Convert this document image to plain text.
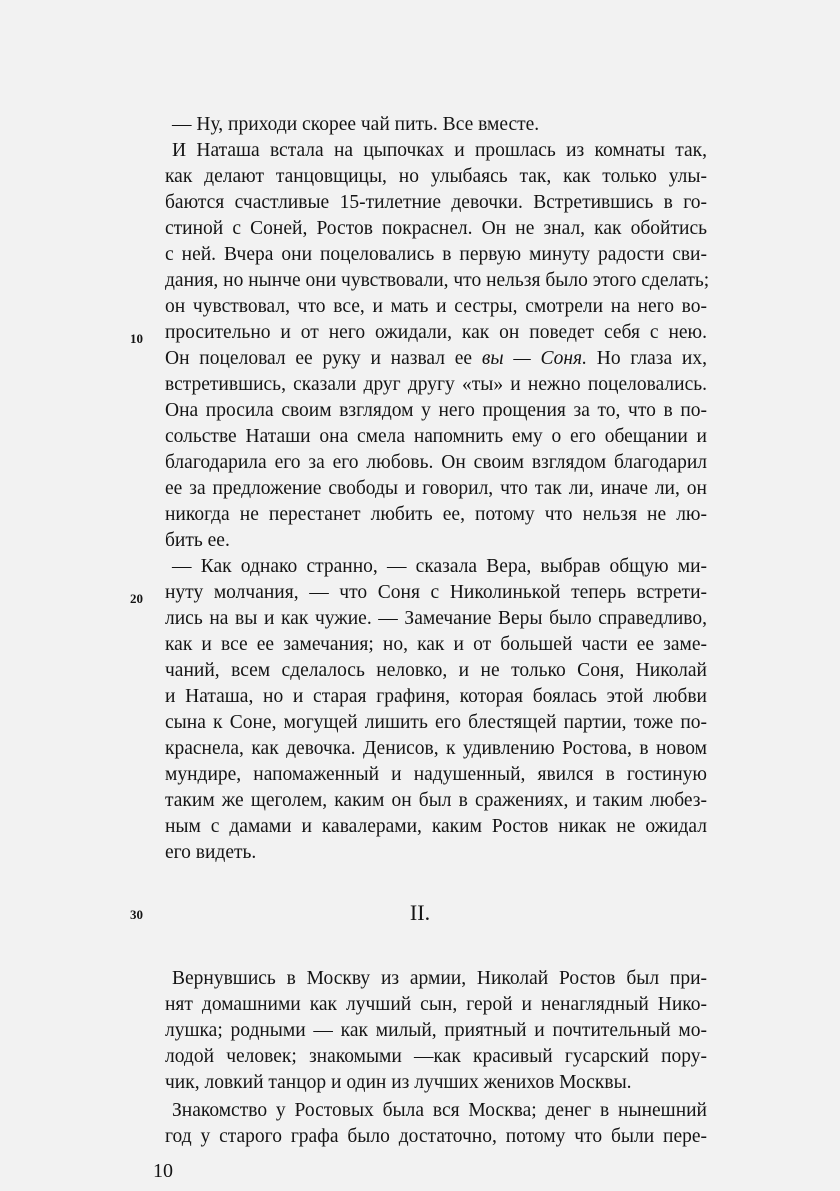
— Ну, приходи скорее чай пить. Все вместе.
И Наташа встала на цыпочках и прошлась из комнаты так,
как делают танцовщицы, но улыбаясь так, как только улы-
баются счастливые 15-тилетние девочки. Встретившись в го-
стиной с Соней, Ростов покраснел. Он не знал, как обойтись
с ней. Вчера они поцеловались в первую минуту радости сви-
дания, но нынче они чувствовали, что нельзя было этого сделать;
он чувствовал, что все, и мать и сестры, смотрели на него во-
просительно и от него ожидали, как он поведет себя с нею.
10
Он поцеловал ее руку и назвал ее вы — Соня. Но глаза их,
встретившись, сказали друг другу «ты» и нежно поцеловались.
Она просила своим взглядом у него прощения за то, что в по-
сольстве Наташи она смела напомнить ему о его обещании и
благодарила его за его любовь. Он своим взглядом благодарил
ее за предложение свободы и говорил, что так ли, иначе ли, он
никогда не перестанет любить ее, потому что нельзя не лю-
бить ее.
— Как однако странно, — сказала Вера, выбрав общую ми-
нуту молчания, — что Соня с Николинькой теперь встрети-
20
лись на вы и как чужие. — Замечание Веры было справедливо,
как и все ее замечания; но, как и от большей части ее заме-
чаний, всем сделалось неловко, и не только Соня, Николай
и Наташа, но и старая графиня, которая боялась этой любви
сына к Соне, могущей лишить его блестящей партии, тоже по-
краснела, как девочка. Денисов, к удивлению Ростова, в новом
мундире, напомаженный и надушенный, явился в гостиную
таким же щеголем, каким он был в сражениях, и таким любез-
ным с дамами и кавалерами, каким Ростов никак не ожидал
его видеть.
30	II.
Вернувшись в Москву из армии, Николай Ростов был при-
нят домашними как лучший сын, герой и ненаглядный Нико-
лушка; родными — как милый, приятный и почтительный мо-
лодой человек; знакомыми —как красивый гусарский пору-
чик, ловкий танцор и один из лучших женихов Москвы.
Знакомство у Ростовых была вся Москва; денег в нынешний
год у старого графа было достаточно, потому что были пере-
10
